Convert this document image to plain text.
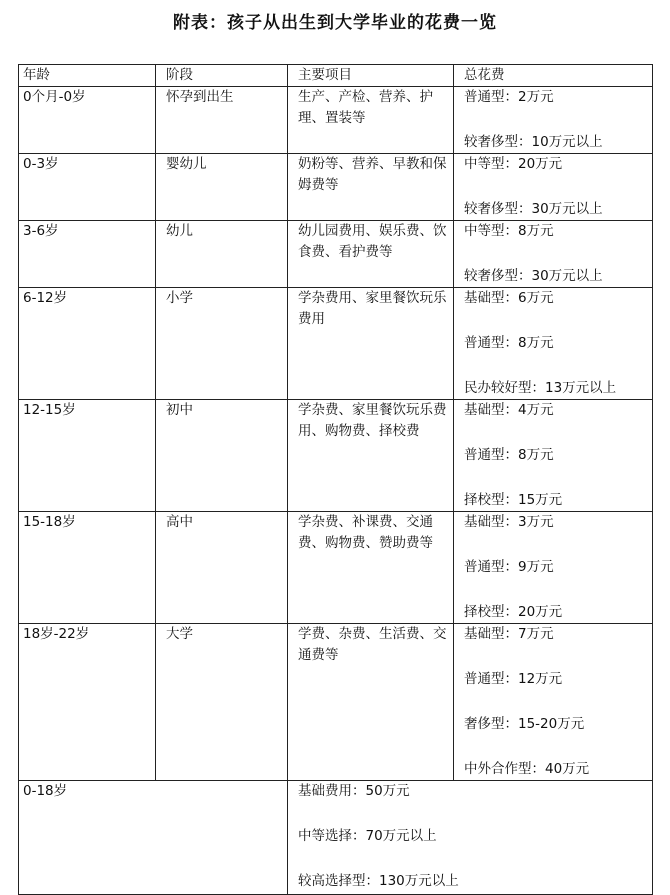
附表：孩子从出生到大学毕业的花费一览
年龄	阶段	主要项目	总花费
0个月-0岁	怀孕到出生	生产、产检、营养、护理、置装等	普通型：2万元
较奢侈型：10万元以上

0-3岁	婴幼儿	奶粉等、营养、早教和保姆费等	中等型：20万元
较奢侈型：30万元以上

3-6岁	幼儿	幼儿园费用、娱乐费、饮食费、看护费等	中等型：8万元
较奢侈型：30万元以上

6-12岁	小学	学杂费用、家里餐饮玩乐费用	基础型：6万元
普通型：8万元
民办较好型：13万元以上

12-15岁	初中	学杂费、家里餐饮玩乐费用、购物费、择校费	基础型：4万元
普通型：8万元
择校型：15万元

15-18岁	高中	学杂费、补课费、交通费、购物费、赞助费等	基础型：3万元
普通型：9万元
择校型：20万元

18岁-22岁	大学	学费、杂费、生活费、交通费等	基础型：7万元
普通型：12万元
奢侈型：15-20万元
中外合作型：40万元

0-18岁		基础费用：50万元
中等选择：70万元以上
较高选择型：130万元以上	
